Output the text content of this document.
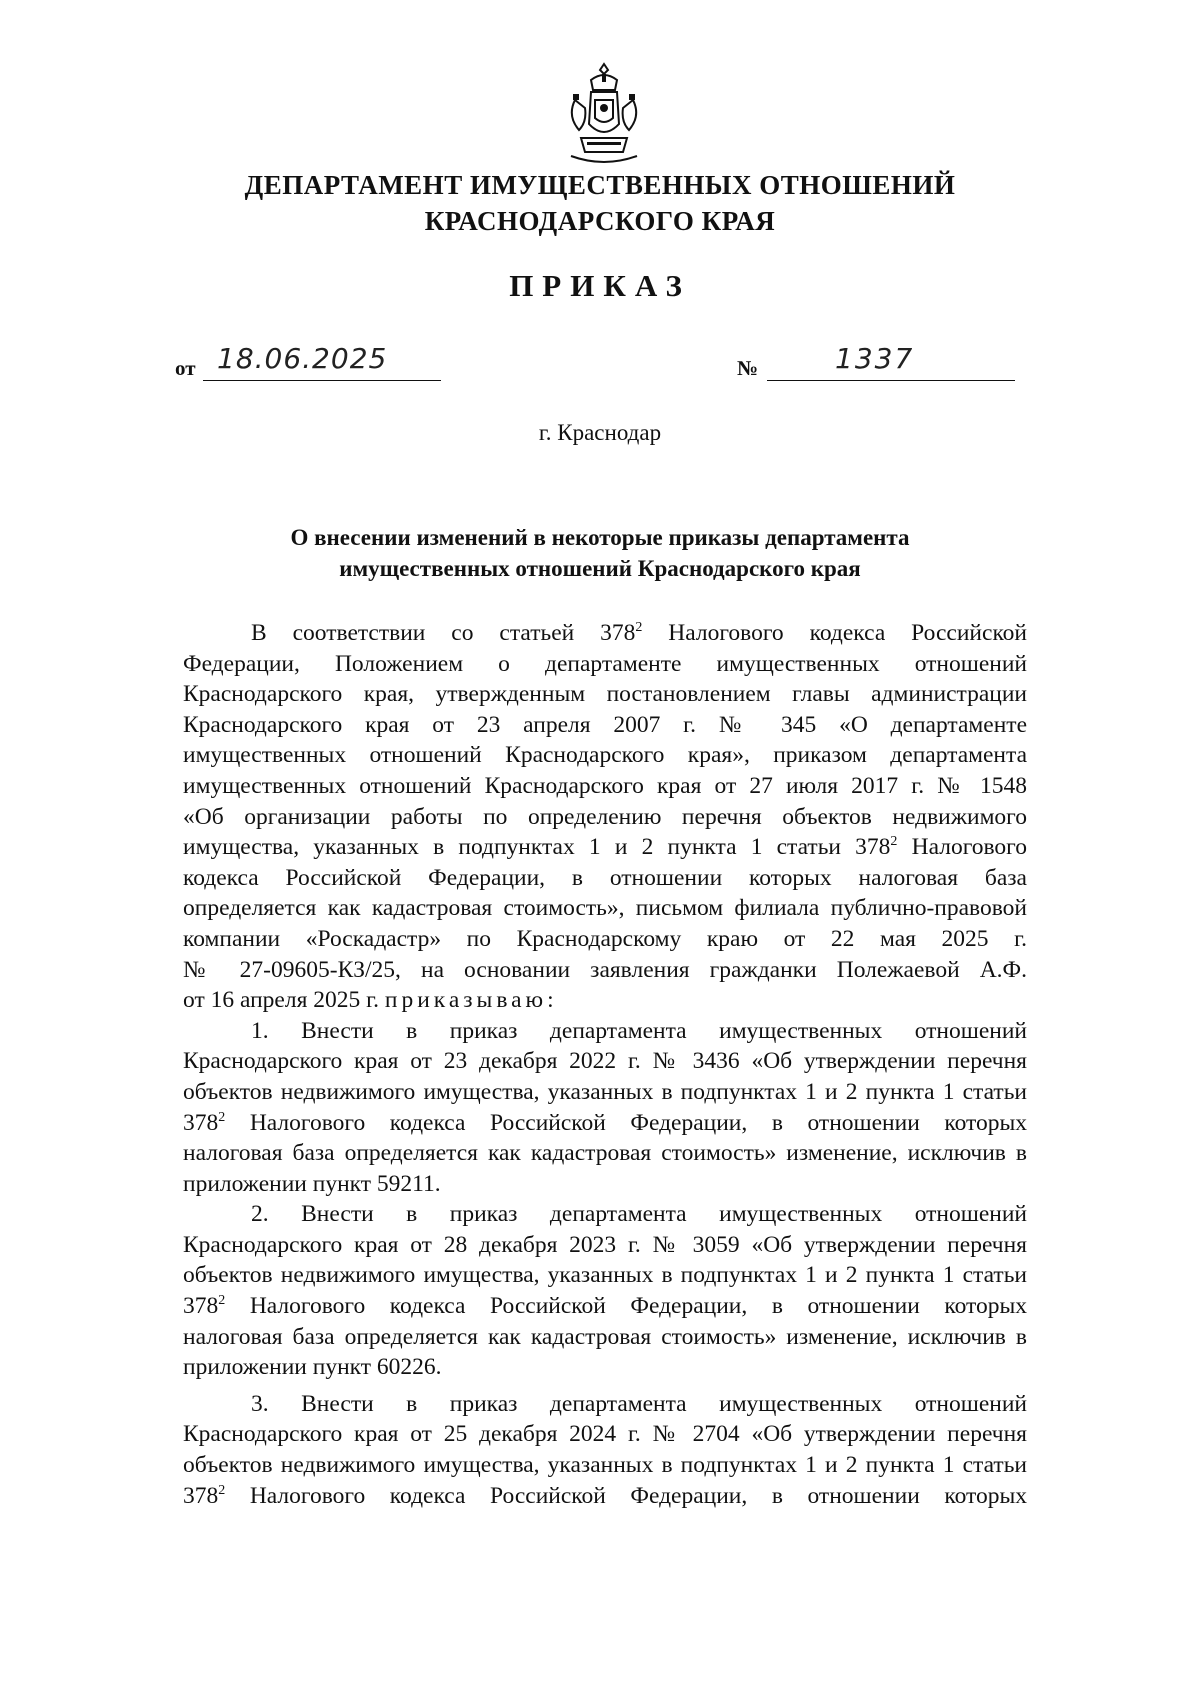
ДЕПАРТАМЕНТ ИМУЩЕСТВЕННЫХ ОТНОШЕНИЙ
КРАСНОДАРСКОГО КРАЯ
ПРИКАЗ
от 18.06.2025	№	1337
г. Краснодар
О внесении изменений в некоторые приказы департамента
имущественных отношений Краснодарского края
В соответствии со статьей $378^2$ Налогового кодекса Российской
Федерации, Положением о департаменте имущественных отношений
Краснодарского края, утвержденным постановлением главы администрации
Краснодарского края от 23 апреля 2007 г. № 345 «О департаменте
имущественных отношений Краснодарского края», приказом департамента
имущественных отношений Краснодарского края от 27 июля 2017 г. № 1548
«Об организации работы по определению перечня объектов недвижимого
имущества, указанных в подпунктах 1 и 2 пункта 1 статьи $378^2$ Налогового
кодекса Российской Федерации, в отношении которых налоговая база
определяется как кадастровая стоимость», письмом филиала публично-правовой
компании «Роскадастр» по Краснодарскому краю от 22 мая 2025 г.
№ 27-09605-КЗ/25, на основании заявления гражданки Полежаевой А.Ф.
от 16 апреля 2025 г. приказываю:
1. Внести в приказ департамента имущественных отношений
Краснодарского края от 23 декабря 2022 г. № 3436 «Об утверждении перечня
объектов недвижимого имущества, указанных в подпунктах 1 и 2 пункта 1 статьи
$378^2$ Налогового кодекса Российской Федерации, в отношении которых
налоговая база определяется как кадастровая стоимость» изменение, исключив в
приложении пункт 59211.
2. Внести в приказ департамента имущественных отношений
Краснодарского края от 28 декабря 2023 г. № 3059 «Об утверждении перечня
объектов недвижимого имущества, указанных в подпунктах 1 и 2 пункта 1 статьи
$378^2$ Налогового кодекса Российской Федерации, в отношении которых
налоговая база определяется как кадастровая стоимость» изменение, исключив в
приложении пункт 60226.
3. Внести в приказ департамента имущественных отношений
Краснодарского края от 25 декабря 2024 г. № 2704 «Об утверждении перечня
объектов недвижимого имущества, указанных в подпунктах 1 и 2 пункта 1 статьи
$378^2$ Налогового кодекса Российской Федерации, в отношении которых
